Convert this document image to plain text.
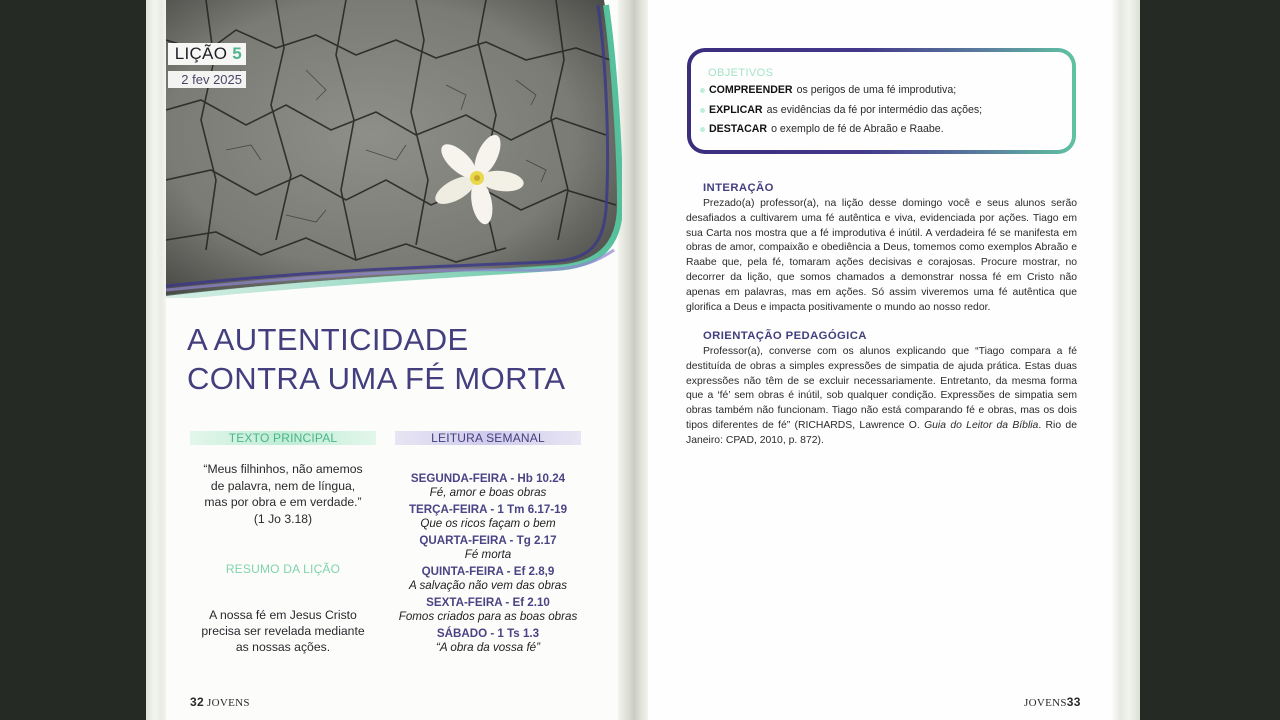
LIÇÃO 5
2 fev 2025
A AUTENTICIDADE
CONTRA UMA FÉ MORTA
TEXTO PRINCIPAL	LEITURA SEMANAL
“Meus filhinhos, não amemos
de palavra, nem de língua,
mas por obra e em verdade.”
(1 Jo 3.18)
RESUMO DA LIÇÃO
A nossa fé em Jesus Cristo
precisa ser revelada mediante
as nossas ações.
SEGUNDA-FEIRA - Hb 10.24
Fé, amor e boas obras
TERÇA-FEIRA - 1 Tm 6.17-19
Que os ricos façam o bem
QUARTA-FEIRA - Tg 2.17
Fé morta
QUINTA-FEIRA - Ef 2.8,9
A salvação não vem das obras
SEXTA-FEIRA - Ef 2.10
Fomos criados para as boas obras
SÁBADO - 1 Ts 1.3
“A obra da vossa fé”
32 JOVENS
OBJETIVOS
COMPREENDER os perigos de uma fé improdutiva;
EXPLICAR as evidências da fé por intermédio das ações;
DESTACAR o exemplo de fé de Abraão e Raabe.
INTERAÇÃO

Prezado(a) professor(a), na lição desse domingo você e seus alunos serão desafiados a cultivarem uma fé autêntica e viva, evidenciada por ações. Tiago em sua Carta nos mostra que a fé improdutiva é inútil. A verdadeira fé se manifesta em obras de amor, compaixão e obediência a Deus, tomemos como exemplos Abraão e Raabe que, pela fé, tomaram ações decisivas e corajosas. Procure mostrar, no decorrer da lição, que somos chamados a demonstrar nossa fé em Cristo não apenas em palavras, mas em ações. Só assim viveremos uma fé autêntica que glorifica a Deus e impacta positivamente o mundo ao nosso redor.

ORIENTAÇÃO PEDAGÓGICA

Professor(a), converse com os alunos explicando que “Tiago compara a fé destituída de obras a simples expressões de simpatia de ajuda prática. Estas duas expressões não têm de se excluir necessariamente. Entretanto, da mesma forma que a ‘fé’ sem obras é inútil, sob qualquer condição. Expressões de simpatia sem obras também não funcionam. Tiago não está comparando fé e obras, mas os dois tipos diferentes de fé” (RICHARDS, Lawrence O. Guia do Leitor da Bíblia. Rio de Janeiro: CPAD, 2010, p. 872).

JOVENS33
